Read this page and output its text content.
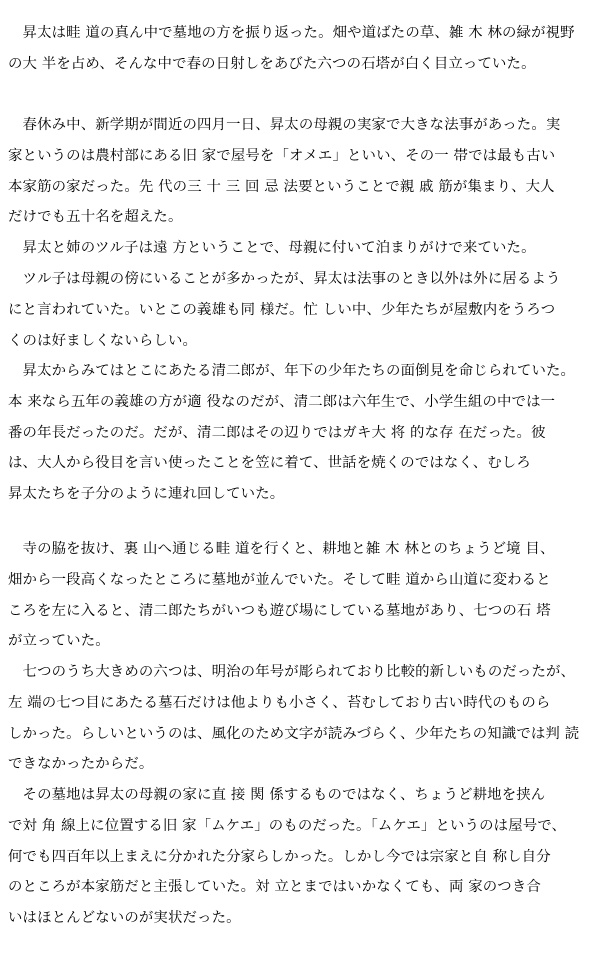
　昇太は畦 道の真ん中で墓地の方を振り返った。畑や道ばたの草、雑 木 林の緑が視野
の大 半を占め、そんな中で春の日射しをあびた六つの石塔が白く目立っていた。
　春休み中、新学期が間近の四月一日、昇太の母親の実家で大きな法事があった。実
家というのは農村部にある旧 家で屋号を「オメエ」といい、その一 帯では最も古い
本家筋の家だった。先 代の三 十 三 回 忌 法要ということで親 戚 筋が集まり、大人
だけでも五十名を超えた。
　昇太と姉のツル子は遠 方ということで、母親に付いて泊まりがけで来ていた。
　ツル子は母親の傍にいることが多かったが、昇太は法事のとき以外は外に居るよう
にと言われていた。いとこの義雄も同 様だ。忙 しい中、少年たちが屋敷内をうろつ
くのは好ましくないらしい。
　昇太からみてはとこにあたる清二郎が、年下の少年たちの面倒見を命じられていた。
本 来なら五年の義雄の方が適 役なのだが、清二郎は六年生で、小学生組の中では一
番の年長だったのだ。だが、清二郎はその辺りではガキ大 将 的な存 在だった。彼
は、大人から役目を言い使ったことを笠に着て、世話を焼くのではなく、むしろ
昇太たちを子分のように連れ回していた。
　寺の脇を抜け、裏 山へ通じる畦 道を行くと、耕地と雑 木 林とのちょうど境 目、
畑から一段高くなったところに墓地が並んでいた。そして畦 道から山道に変わると
ころを左に入ると、清二郎たちがいつも遊び場にしている墓地があり、七つの石 塔
が立っていた。
　七つのうち大きめの六つは、明治の年号が彫られており比較的新しいものだったが、
左 端の七つ目にあたる墓石だけは他よりも小さく、苔むしており古い時代のものら
しかった。らしいというのは、風化のため文字が読みづらく、少年たちの知識では判 読
できなかったからだ。
　その墓地は昇太の母親の家に直 接 関 係するものではなく、ちょうど耕地を挟ん
で対 角 線上に位置する旧 家「ムケエ」のものだった。「ムケエ」というのは屋号で、
何でも四百年以上まえに分かれた分家らしかった。しかし今では宗家と自 称し自分
のところが本家筋だと主張していた。対 立とまではいかなくても、両 家のつき合
いはほとんどないのが実状だった。
